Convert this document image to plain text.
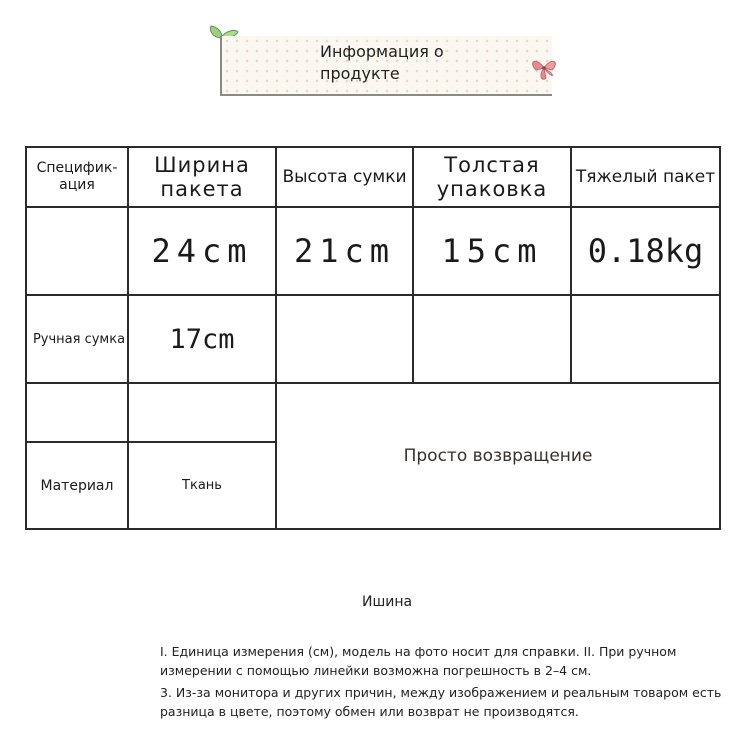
Информация о продукте
Специфик-ация	Ширина пакета	Высота сумки	Толстая упаковка	Тяжелый пакет
	24cm	21cm	15cm	0.18kg
Ручная сумка	17cm			
		Просто возвращение		
Материал	Ткань			
Ишина

I. Единица измерения (см), модель на фото носит для справки. II. При ручном измерении с помощью линейки возможна погрешность в 2–4 см.

3. Из-за монитора и других причин, между изображением и реальным товаром есть разница в цвете, поэтому обмен или возврат не производятся.
